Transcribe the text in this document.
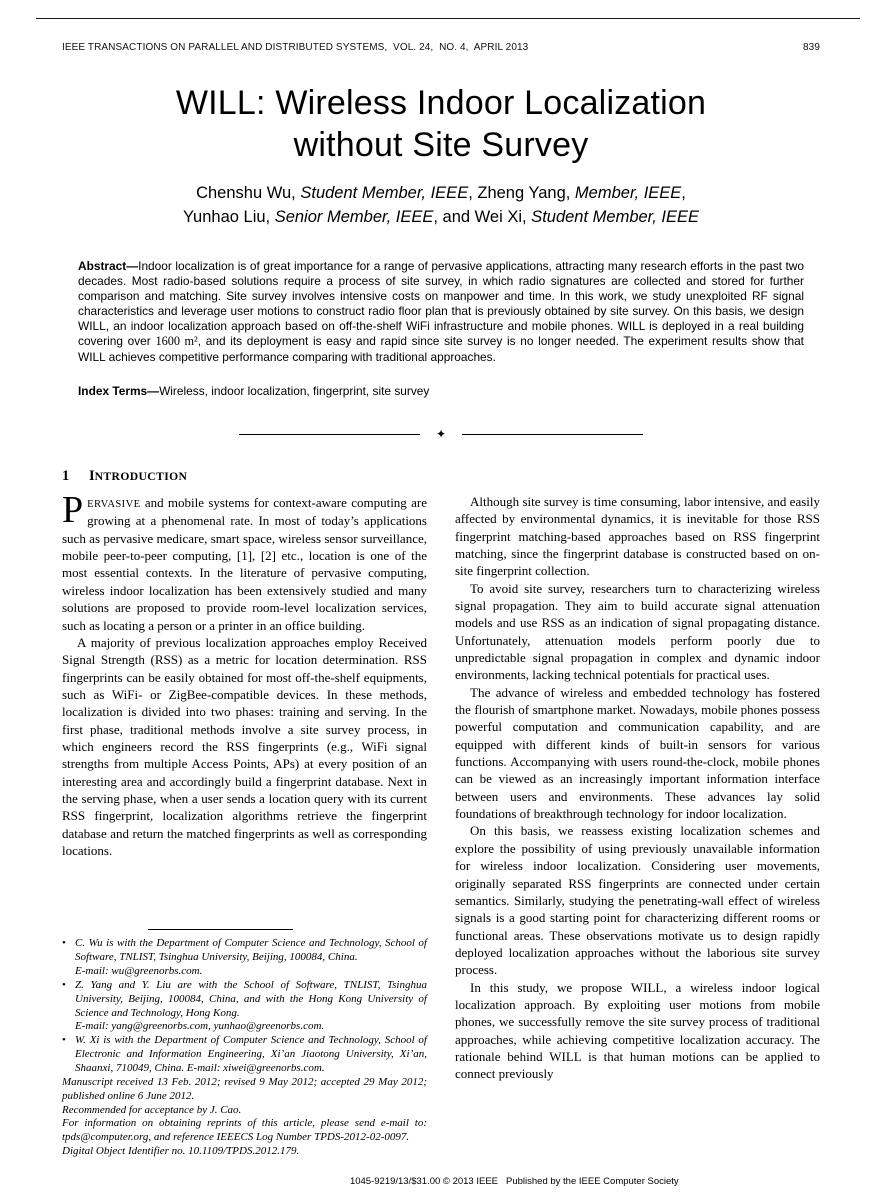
IEEE TRANSACTIONS ON PARALLEL AND DISTRIBUTED SYSTEMS,  VOL. 24,  NO. 4,  APRIL 2013	839
WILL: Wireless Indoor Localization
without Site Survey
Chenshu Wu, Student Member, IEEE, Zheng Yang, Member, IEEE,
Yunhao Liu, Senior Member, IEEE, and Wei Xi, Student Member, IEEE
Abstract—Indoor localization is of great importance for a range of pervasive applications, attracting many research efforts in the past two decades. Most radio-based solutions require a process of site survey, in which radio signatures are collected and stored for further comparison and matching. Site survey involves intensive costs on manpower and time. In this work, we study unexploited RF signal characteristics and leverage user motions to construct radio floor plan that is previously obtained by site survey. On this basis, we design WILL, an indoor localization approach based on off-the-shelf WiFi infrastructure and mobile phones. WILL is deployed in a real building covering over 1600 m², and its deployment is easy and rapid since site survey is no longer needed. The experiment results show that WILL achieves competitive performance comparing with traditional approaches.
Index Terms—Wireless, indoor localization, fingerprint, site survey
✦
1	INTRODUCTION

PERVASIVE and mobile systems for context-aware computing are growing at a phenomenal rate. In most of today’s applications such as pervasive medicare, smart space, wireless sensor surveillance, mobile peer-to-peer computing, [1], [2] etc., location is one of the most essential contexts. In the literature of pervasive computing, wireless indoor localization has been extensively studied and many solutions are proposed to provide room-level localization services, such as locating a person or a printer in an office building.

A majority of previous localization approaches employ Received Signal Strength (RSS) as a metric for location determination. RSS fingerprints can be easily obtained for most off-the-shelf equipments, such as WiFi- or ZigBee-compatible devices. In these methods, localization is divided into two phases: training and serving. In the first phase, traditional methods involve a site survey process, in which engineers record the RSS fingerprints (e.g., WiFi signal strengths from multiple Access Points, APs) at every position of an interesting area and accordingly build a fingerprint database. Next in the serving phase, when a user sends a location query with its current RSS fingerprint, localization algorithms retrieve the fingerprint database and return the matched fingerprints as well as corresponding locations.

• C. Wu is with the Department of Computer Science and Technology, School of Software, TNLIST, Tsinghua University, Beijing, 100084, China.
E-mail: wu@greenorbs.com.
• Z. Yang and Y. Liu are with the School of Software, TNLIST, Tsinghua University, Beijing, 100084, China, and with the Hong Kong University of Science and Technology, Hong Kong.
E-mail: yang@greenorbs.com, yunhao@greenorbs.com.
• W. Xi is with the Department of Computer Science and Technology, School of Electronic and Information Engineering, Xi’an Jiaotong University, Xi’an, Shaanxi, 710049, China. E-mail: xiwei@greenorbs.com.
Manuscript received 13 Feb. 2012; revised 9 May 2012; accepted 29 May 2012; published online 6 June 2012.
Recommended for acceptance by J. Cao.
For information on obtaining reprints of this article, please send e-mail to: tpds@computer.org, and reference IEEECS Log Number TPDS-2012-02-0097.
Digital Object Identifier no. 10.1109/TPDS.2012.179.

Although site survey is time consuming, labor intensive, and easily affected by environmental dynamics, it is inevitable for those RSS fingerprint matching-based approaches based on RSS fingerprint matching, since the fingerprint database is constructed based on on-site fingerprint collection.

To avoid site survey, researchers turn to characterizing wireless signal propagation. They aim to build accurate signal attenuation models and use RSS as an indication of signal propagating distance. Unfortunately, attenuation models perform poorly due to unpredictable signal propagation in complex and dynamic indoor environments, lacking technical potentials for practical uses.

The advance of wireless and embedded technology has fostered the flourish of smartphone market. Nowadays, mobile phones possess powerful computation and communication capability, and are equipped with different kinds of built-in sensors for various functions. Accompanying with users round-the-clock, mobile phones can be viewed as an increasingly important information interface between users and environments. These advances lay solid foundations of breakthrough technology for indoor localization.

On this basis, we reassess existing localization schemes and explore the possibility of using previously unavailable information for wireless indoor localization. Considering user movements, originally separated RSS fingerprints are connected under certain semantics. Similarly, studying the penetrating-wall effect of wireless signals is a good starting point for characterizing different rooms or functional areas. These observations motivate us to design rapidly deployed localization approaches without the laborious site survey process.

In this study, we propose WILL, a wireless indoor logical localization approach. By exploiting user motions from mobile phones, we successfully remove the site survey process of traditional approaches, while achieving competitive localization accuracy. The rationale behind WILL is that human motions can be applied to connect previously

1045-9219/13/$31.00 © 2013 IEEE Published by the IEEE Computer Society
